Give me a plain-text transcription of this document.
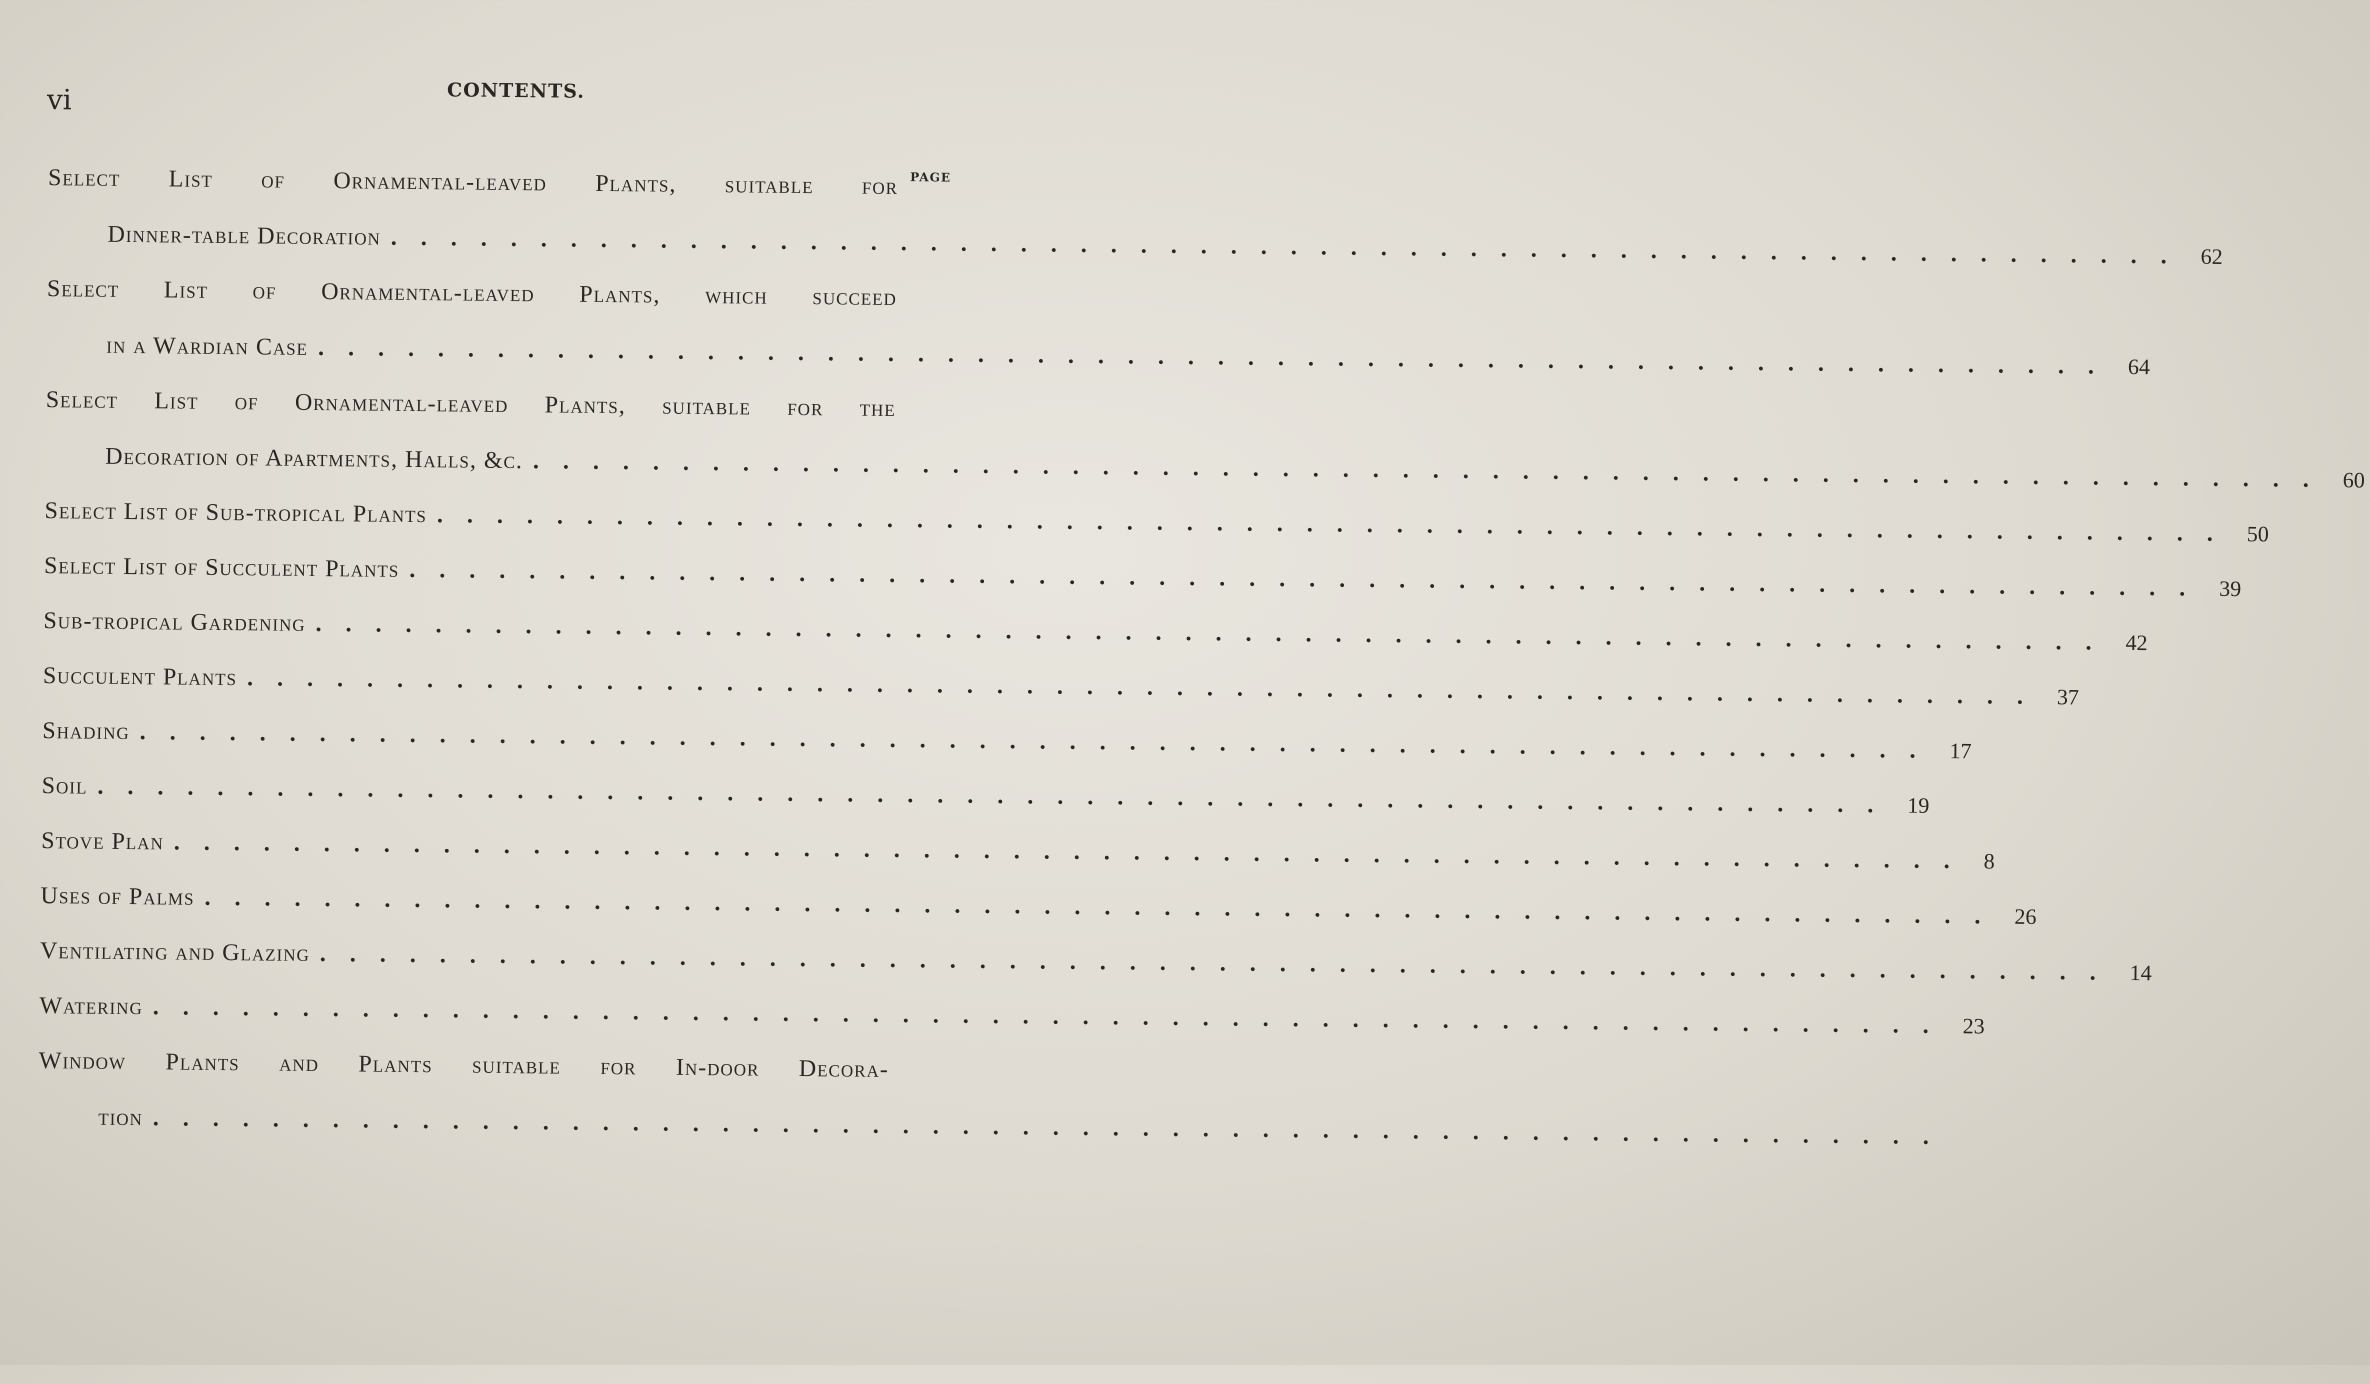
vi	CONTENTS.
PAGE
Select List of Ornamental-leaved Plants, suitable for
Dinner-table Decoration ............................................................ 62
Select List of Ornamental-leaved Plants, which succeed
in a Wardian Case ............................................................ 64
Select List of Ornamental-leaved Plants, suitable for the
Decoration of Apartments, Halls, &c. ............................................................ 60
Select List of Sub-tropical Plants ............................................................ 50
Select List of Succulent Plants ............................................................ 39
Sub-tropical Gardening ............................................................ 42
Succulent Plants ............................................................ 37
Shading ............................................................ 17
Soil ............................................................ 19
Stove Plan ............................................................ 8
Uses of Palms ............................................................ 26
Ventilating and Glazing ............................................................ 14
Watering ............................................................ 23
Window Plants and Plants suitable for In-door Decora-
tion ............................................................
